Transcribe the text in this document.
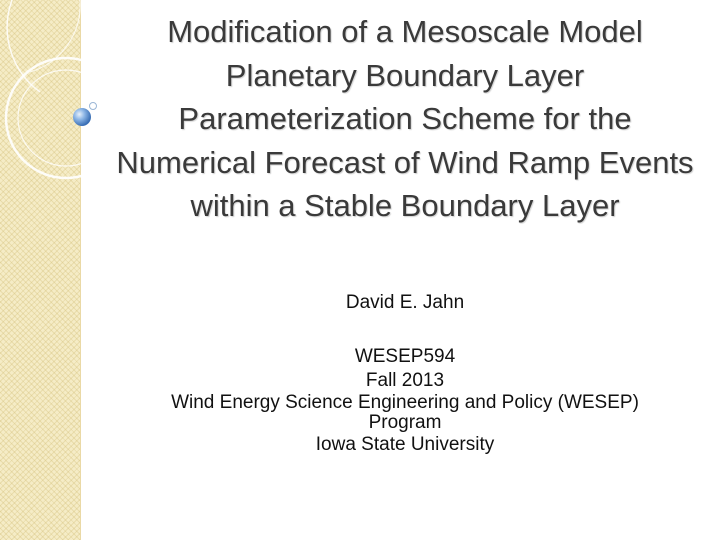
Modification of a Mesoscale Model Planetary Boundary Layer Parameterization Scheme for the Numerical Forecast of Wind Ramp Events within a Stable Boundary Layer
David E. Jahn
WESEP594
Fall 2013
Wind Energy Science Engineering and Policy (WESEP)
Program
Iowa State University
